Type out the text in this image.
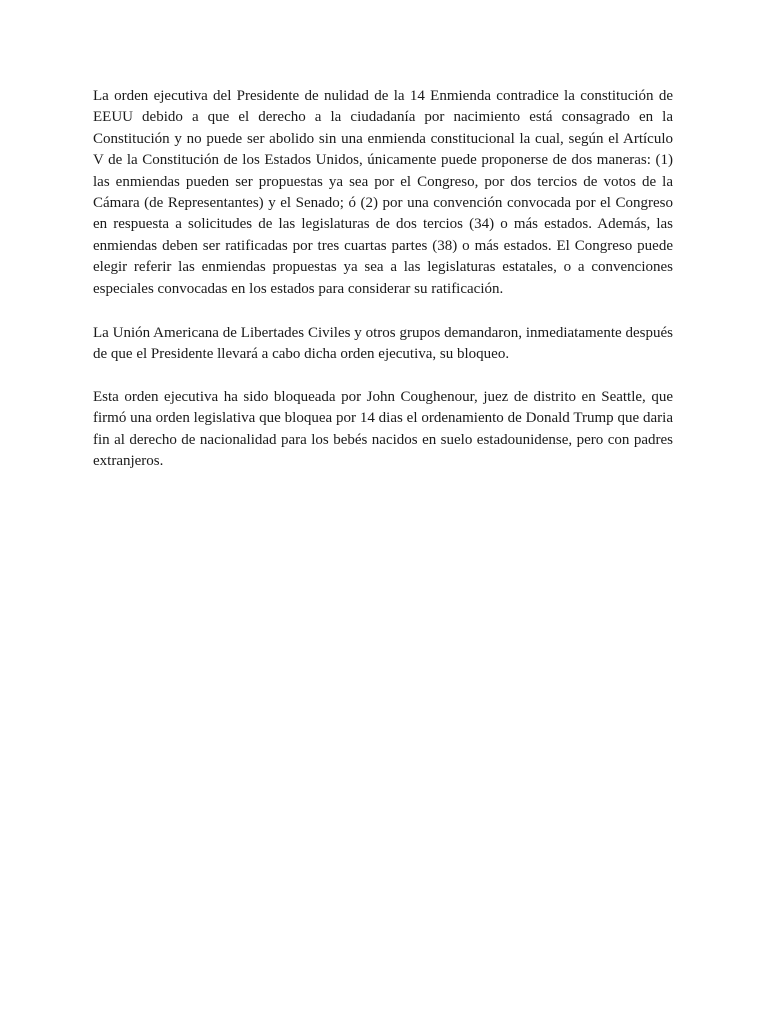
La orden ejecutiva del Presidente de nulidad de la 14 Enmienda contradice la constitución de EEUU debido a que el derecho a la ciudadanía por nacimiento está consagrado en la Constitución y no puede ser abolido sin una enmienda constitucional la cual, según el Artículo V de la Constitución de los Estados Unidos, únicamente puede proponerse de dos maneras: (1) las enmiendas pueden ser propuestas ya sea por el Congreso, por dos tercios de votos de la Cámara (de Representantes) y el Senado; ó (2) por una convención convocada por el Congreso en respuesta a solicitudes de las legislaturas de dos tercios (34) o más estados. Además, las enmiendas deben ser ratificadas por tres cuartas partes (38) o más estados. El Congreso puede elegir referir las enmiendas propuestas ya sea a las legislaturas estatales, o a convenciones especiales convocadas en los estados para considerar su ratificación.

La Unión Americana de Libertades Civiles y otros grupos demandaron, inmediatamente después de que el Presidente llevará a cabo dicha orden ejecutiva, su bloqueo.

Esta orden ejecutiva ha sido bloqueada por John Coughenour, juez de distrito en Seattle, que firmó una orden legislativa que bloquea por 14 dias el ordenamiento de Donald Trump que daria fin al derecho de nacionalidad para los bebés nacidos en suelo estadounidense, pero con padres extranjeros.
